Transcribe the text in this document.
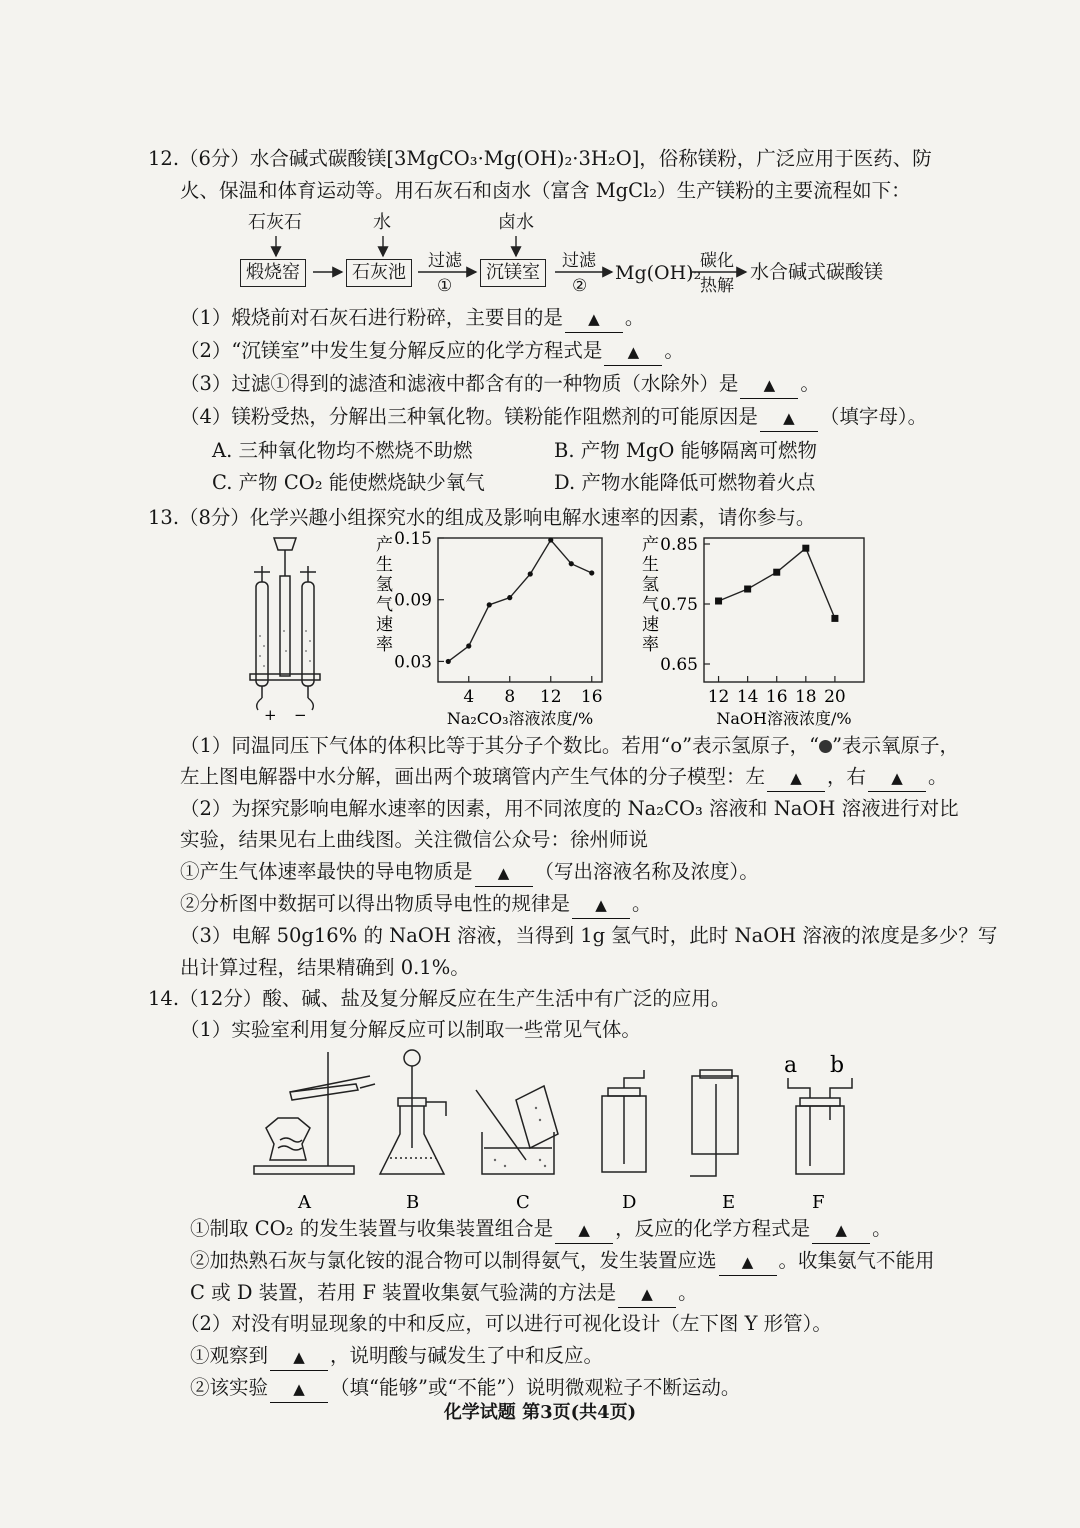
12.（6分）水合碱式碳酸镁[3MgCO₃·Mg(OH)₂·3H₂O]，俗称镁粉，广泛应用于医药、防
火、保温和体育运动等。用石灰石和卤水（富含 MgCl₂）生产镁粉的主要流程如下：
石灰石	水	卤水
煅烧窑	石灰池	沉镁室
过滤
①
过滤
②
Mg(OH)₂
碳化
热解
水合碱式碳酸镁
（1）煅烧前对石灰石进行粉碎，主要目的是 ▲ 。
（2）“沉镁室”中发生复分解反应的化学方程式是 ▲ 。
（3）过滤①得到的滤渣和滤液中都含有的一种物质（水除外）是 ▲ 。
（4）镁粉受热，分解出三种氧化物。镁粉能作阻燃剂的可能原因是 ▲ （填字母）。
A. 三种氧化物均不燃烧不助燃	B. 产物 MgO 能够隔离可燃物
C. 产物 CO₂ 能使燃烧缺少氧气	D. 产物水能降低可燃物着火点
13.（8分）化学兴趣小组探究水的组成及影响电解水速率的因素，请你参与。
+ −
产生氢气速率
0.03
0.09
0.15
4 8 12 16
Na₂CO₃溶液浓度/%
产生氢气速率
0.65
0.75
0.85
12 14 16 18 20
NaOH溶液浓度/%
（1）同温同压下气体的体积比等于其分子个数比。若用“o”表示氢原子，“ ”表示氧原子，
左上图电解器中水分解，画出两个玻璃管内产生气体的分子模型：左 ▲ ，右 ▲ 。
（2）为探究影响电解水速率的因素，用不同浓度的 Na₂CO₃ 溶液和 NaOH 溶液进行对比
实验，结果见右上曲线图。关注微信公众号：徐州师说
①产生气体速率最快的导电物质是 ▲ （写出溶液名称及浓度）。
②分析图中数据可以得出物质导电性的规律是 ▲ 。
（3）电解 50g16% 的 NaOH 溶液，当得到 1g 氢气时，此时 NaOH 溶液的浓度是多少？写
出计算过程，结果精确到 0.1%。
14.（12分）酸、碱、盐及复分解反应在生产生活中有广泛的应用。
（1）实验室利用复分解反应可以制取一些常见气体。
a b
A	B	C	D	E	F
①制取 CO₂ 的发生装置与收集装置组合是 ▲ ，反应的化学方程式是 ▲ 。
②加热熟石灰与氯化铵的混合物可以制得氨气，发生装置应选 ▲ 。收集氨气不能用
C 或 D 装置，若用 F 装置收集氨气验满的方法是 ▲ 。
（2）对没有明显现象的中和反应，可以进行可视化设计（左下图 Y 形管）。
①观察到 ▲ ，说明酸与碱发生了中和反应。
②该实验 ▲ （填“能够”或“不能”）说明微观粒子不断运动。
化学试题 第3页(共4页)
